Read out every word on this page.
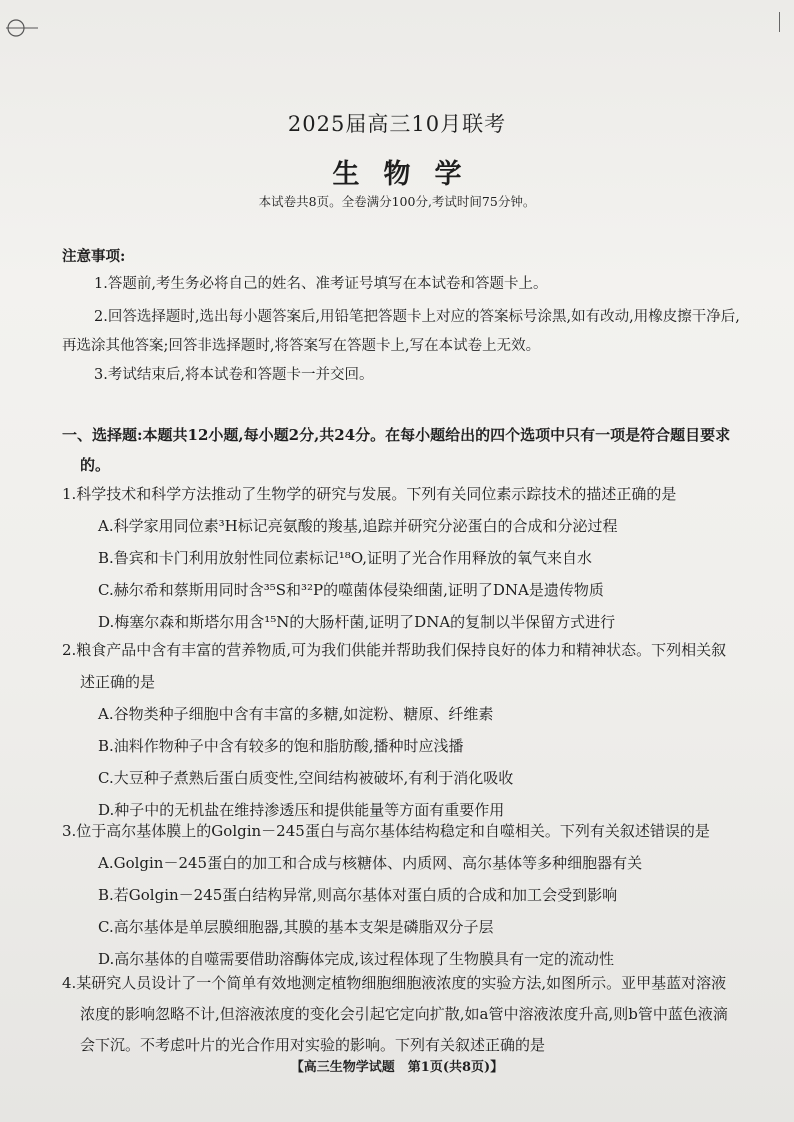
2025届高三10月联考
生物学
本试卷共8页。全卷满分100分,考试时间75分钟。
注意事项:
1.答题前,考生务必将自己的姓名、准考证号填写在本试卷和答题卡上。
2.回答选择题时,选出每小题答案后,用铅笔把答题卡上对应的答案标号涂黑,如有改动,用橡皮擦干净后,再选涂其他答案;回答非选择题时,将答案写在答题卡上,写在本试卷上无效。
3.考试结束后,将本试卷和答题卡一并交回。
一、选择题:本题共12小题,每小题2分,共24分。在每小题给出的四个选项中只有一项是符合题目要求的。
1.科学技术和科学方法推动了生物学的研究与发展。下列有关同位素示踪技术的描述正确的是
A.科学家用同位素³H标记亮氨酸的羧基,追踪并研究分泌蛋白的合成和分泌过程
B.鲁宾和卡门利用放射性同位素标记¹⁸O,证明了光合作用释放的氧气来自水
C.赫尔希和蔡斯用同时含³⁵S和³²P的噬菌体侵染细菌,证明了DNA是遗传物质
D.梅塞尔森和斯塔尔用含¹⁵N的大肠杆菌,证明了DNA的复制以半保留方式进行
2.粮食产品中含有丰富的营养物质,可为我们供能并帮助我们保持良好的体力和精神状态。下列相关叙述正确的是
A.谷物类种子细胞中含有丰富的多糖,如淀粉、糖原、纤维素
B.油料作物种子中含有较多的饱和脂肪酸,播种时应浅播
C.大豆种子煮熟后蛋白质变性,空间结构被破坏,有利于消化吸收
D.种子中的无机盐在维持渗透压和提供能量等方面有重要作用
3.位于高尔基体膜上的Golgin－245蛋白与高尔基体结构稳定和自噬相关。下列有关叙述错误的是
A.Golgin－245蛋白的加工和合成与核糖体、内质网、高尔基体等多种细胞器有关
B.若Golgin－245蛋白结构异常,则高尔基体对蛋白质的合成和加工会受到影响
C.高尔基体是单层膜细胞器,其膜的基本支架是磷脂双分子层
D.高尔基体的自噬需要借助溶酶体完成,该过程体现了生物膜具有一定的流动性
4.某研究人员设计了一个简单有效地测定植物细胞细胞液浓度的实验方法,如图所示。亚甲基蓝对溶液浓度的影响忽略不计,但溶液浓度的变化会引起它定向扩散,如a管中溶液浓度升高,则b管中蓝色液滴会下沉。不考虑叶片的光合作用对实验的影响。下列有关叙述正确的是
【高三生物学试题　第1页(共8页)】
